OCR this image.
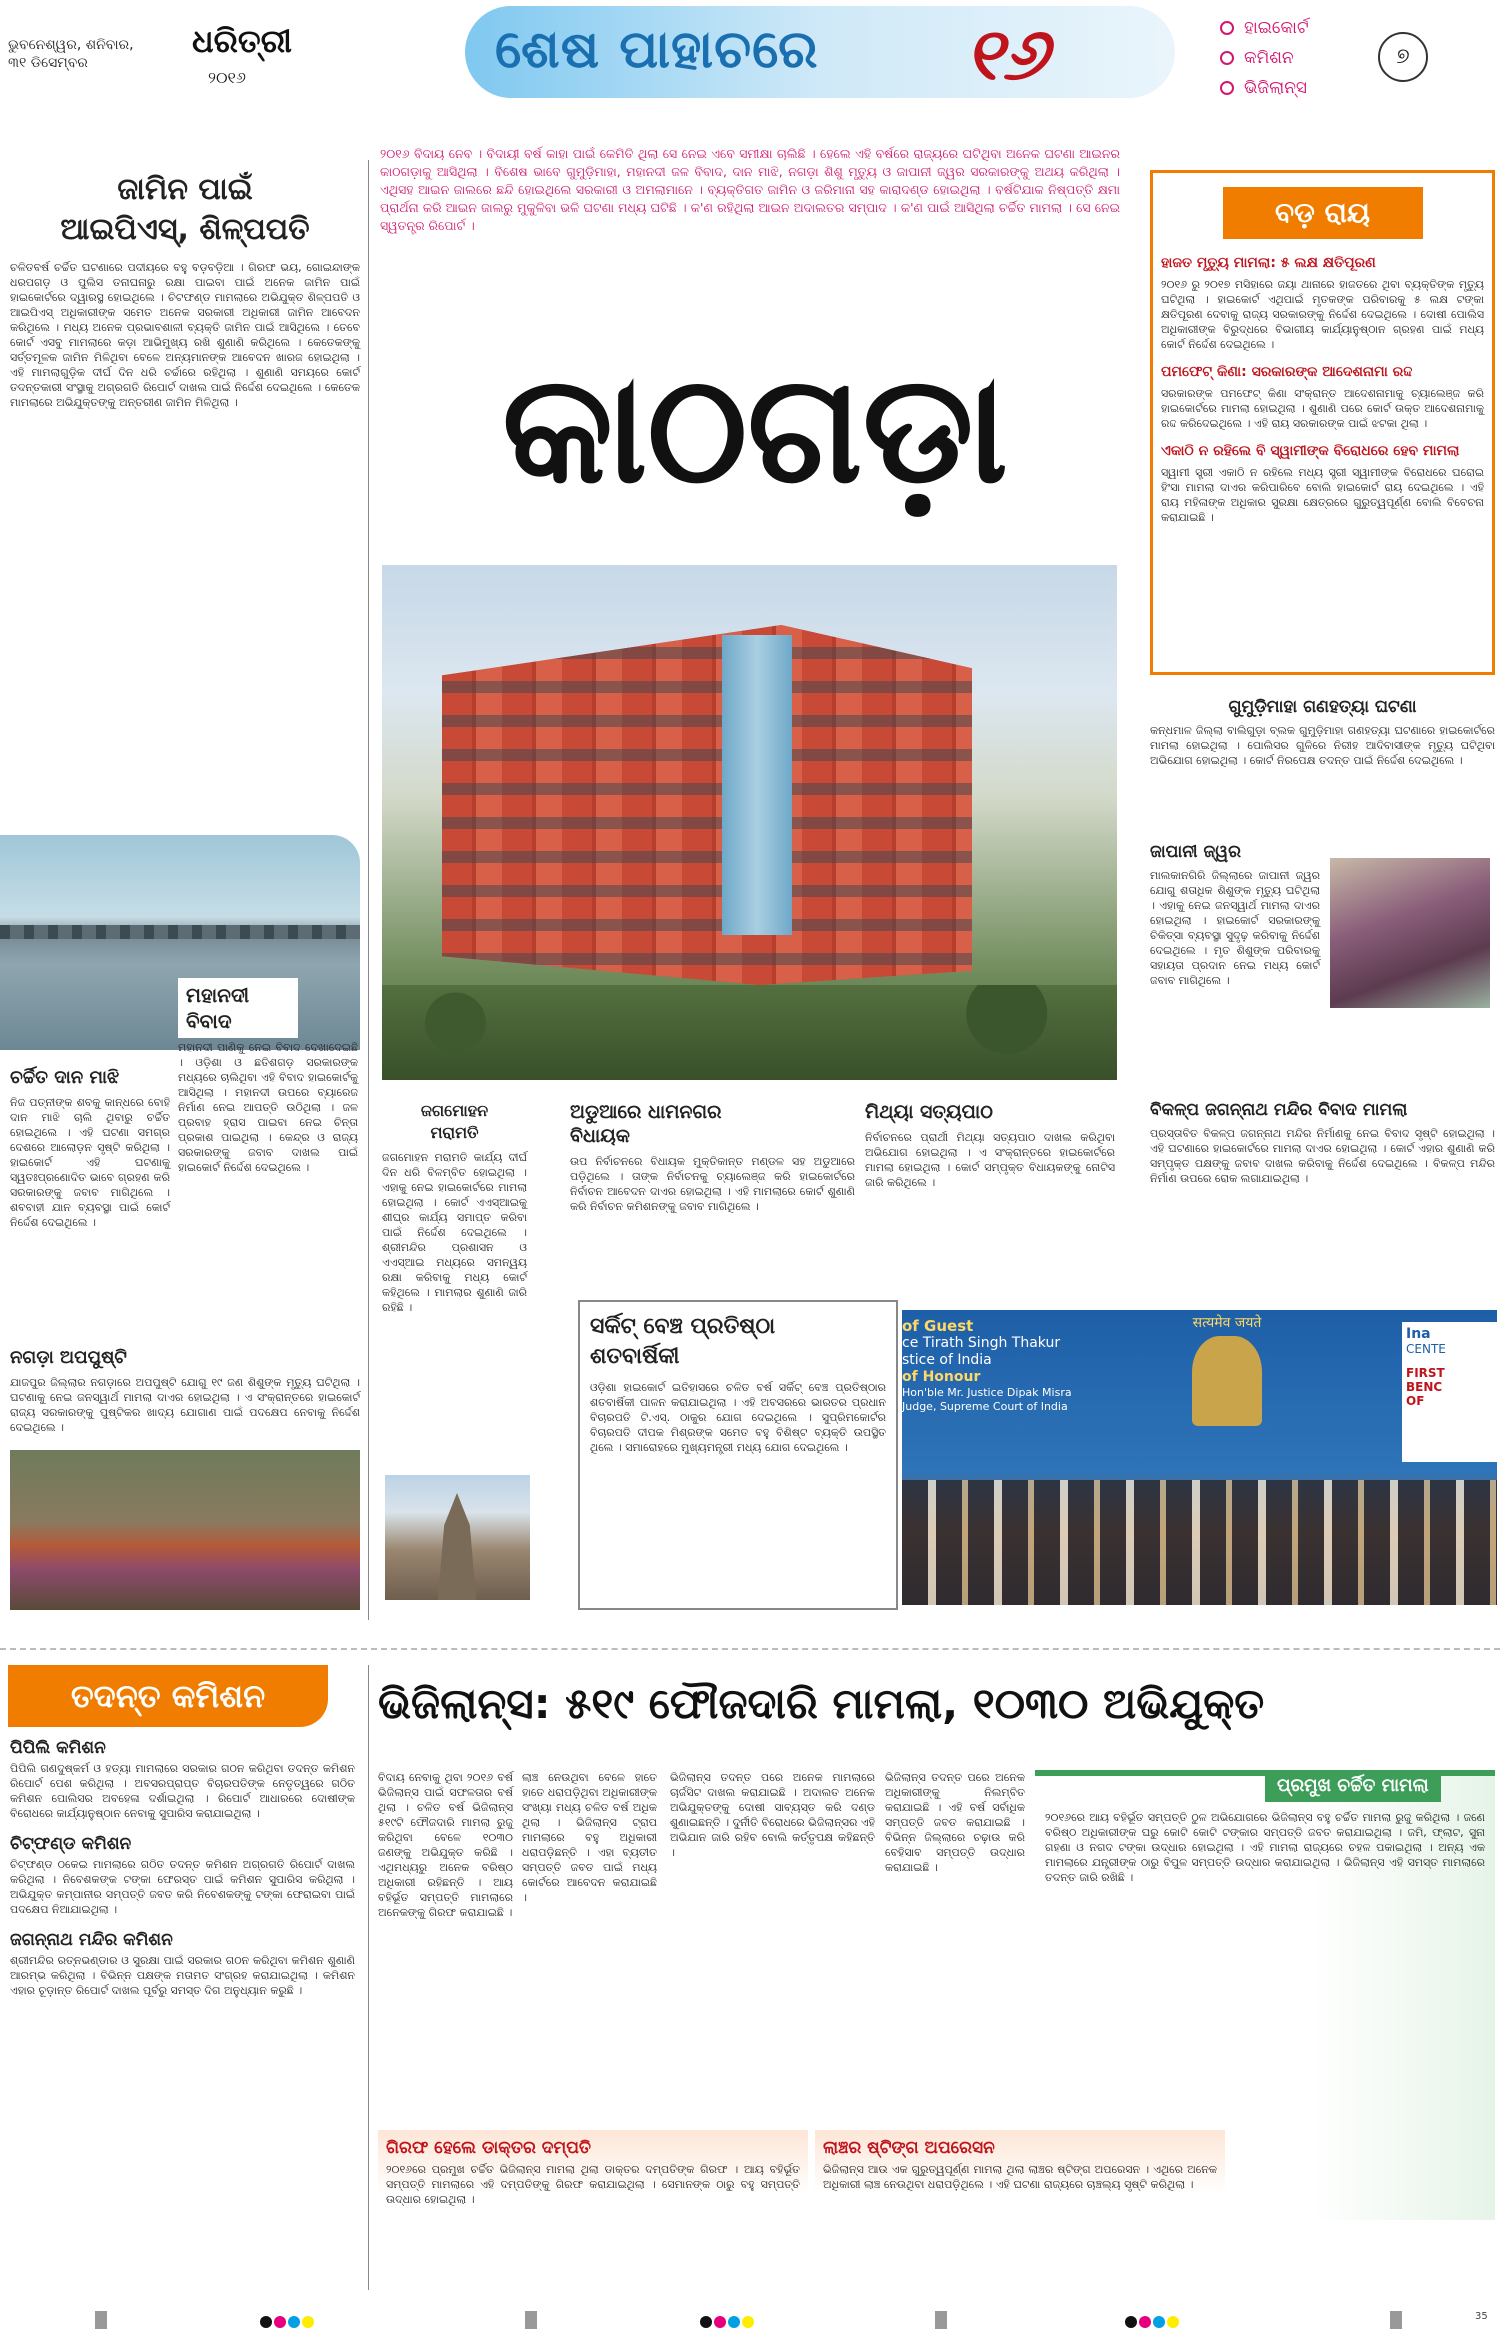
ଭୁବନେଶ୍ୱର, ଶନିବାର,
୩୧ ଡିସେମ୍ବର
ଧରିତ୍ରୀ
୨୦୧୬	ଶେଷ ପାହାଚରେ ୧୬	ହାଇକୋର୍ଟ
କମିଶନ
ଭିଜିଲାନ୍ସ
୭
ଜାମିନ ପାଇଁ
ଆଇପିଏସ୍, ଶିଳ୍ପପତି
ଚଳିତବର୍ଷ ଚର୍ଚ୍ଚିତ ଘଟଣାରେ ପଦୀୟରେ ବହୁ ବଡ଼ବଡ଼ିଆ । ଗିରଫ ଭୟ, ଗୋଇନ୍ଦାଙ୍କ ଧରପଗଡ଼ ଓ ପୁଲିସ ତନାଘନାରୁ ରକ୍ଷା ପାଇବା ପାଇଁ ଅନେକ ଜାମିନ ପାଇଁ ହାଇକୋର୍ଟରେ ଦ୍ୱାରସ୍ଥ ହୋଇଥିଲେ । ଚିଟଫଣ୍ଡ ମାମଲାରେ ଅଭିଯୁକ୍ତ ଶିଳ୍ପପତି ଓ ଆଇପିଏସ୍ ଅଧିକାରୀଙ୍କ ସମେତ ଅନେକ ସରକାରୀ ଅଧିକାରୀ ଜାମିନ ଆବେଦନ କରିଥିଲେ । ମଧ୍ୟ ଅନେକ ପ୍ରଭାବଶାଳୀ ବ୍ୟକ୍ତି ଜାମିନ ପାଇଁ ଆସିଥିଲେ । ତେବେ କୋର୍ଟ ଏସବୁ ମାମଲାରେ କଡ଼ା ଆଭିମୁଖ୍ୟ ରଖି ଶୁଣାଣି କରିଥିଲେ । କେତେକଙ୍କୁ ସର୍ତ୍ତମୂଳକ ଜାମିନ ମିଳିଥିବା ବେଳେ ଅନ୍ୟମାନଙ୍କ ଆବେଦନ ଖାରଜ ହୋଇଥିଲା । ଏହି ମାମଲାଗୁଡ଼ିକ ଦୀର୍ଘ ଦିନ ଧରି ଚର୍ଚ୍ଚାରେ ରହିଥିଲା । ଶୁଣାଣି ସମୟରେ କୋର୍ଟ ତଦନ୍ତକାରୀ ସଂସ୍ଥାକୁ ଅଗ୍ରଗତି ରିପୋର୍ଟ ଦାଖଲ ପାଇଁ ନିର୍ଦ୍ଦେଶ ଦେଇଥିଲେ । କେତେକ ମାମଲାରେ ଅଭିଯୁକ୍ତଙ୍କୁ ଅନ୍ତରୀଣ ଜାମିନ ମିଳିଥିଲା ।
ମହାନଦୀ
ବିବାଦ
ମହାନଦୀ ପାଣିକୁ ନେଇ ବିବାଦ ଦେଖାଦେଇଛି । ଓଡ଼ିଶା ଓ ଛତିଶଗଡ଼ ସରକାରଙ୍କ ମଧ୍ୟରେ ଚାଲିଥିବା ଏହି ବିବାଦ ହାଇକୋର୍ଟକୁ ଆସିଥିଲା । ମହାନଦୀ ଉପରେ ବ୍ୟାରେଜ ନିର୍ମାଣ ନେଇ ଆପତ୍ତି ଉଠିଥିଲା । ଜଳ ପ୍ରବାହ ହ୍ରାସ ପାଇବା ନେଇ ଚିନ୍ତା ପ୍ରକାଶ ପାଇଥିଲା । କେନ୍ଦ୍ର ଓ ରାଜ୍ୟ ସରକାରଙ୍କୁ ଜବାବ ଦାଖଲ ପାଇଁ ହାଇକୋର୍ଟ ନିର୍ଦ୍ଦେଶ ଦେଇଥିଲେ ।
ଚର୍ଚ୍ଚିତ ଦାନ ମାଝି
ନିଜ ପତ୍ନୀଙ୍କ ଶବକୁ କାନ୍ଧରେ ବୋହି ଦାନ ମାଝି ଚାଲି ଥିବାରୁ ଚର୍ଚ୍ଚିତ ହୋଇଥିଲେ । ଏହି ଘଟଣା ସମଗ୍ର ଦେଶରେ ଆଲୋଡ଼ନ ସୃଷ୍ଟି କରିଥିଲା । ହାଇକୋର୍ଟ ଏହି ଘଟଣାକୁ ସ୍ୱତଃପ୍ରଣୋଦିତ ଭାବେ ଗ୍ରହଣ କରି ସରକାରଙ୍କୁ ଜବାବ ମାଗିଥିଲେ । ଶବବାହୀ ଯାନ ବ୍ୟବସ୍ଥା ପାଇଁ କୋର୍ଟ ନିର୍ଦ୍ଦେଶ ଦେଇଥିଲେ ।
ନଗଡ଼ା ଅପପୁଷ୍ଟି
ଯାଜପୁର ଜିଲ୍ଲାର ନଗଡ଼ାରେ ଅପପୁଷ୍ଟି ଯୋଗୁ ୧୯ ଜଣ ଶିଶୁଙ୍କ ମୃତ୍ୟୁ ଘଟିଥିଲା । ଘଟଣାକୁ ନେଇ ଜନସ୍ୱାର୍ଥ ମାମଲା ଦାଏର ହୋଇଥିଲା । ଏ ସଂକ୍ରାନ୍ତରେ ହାଇକୋର୍ଟ ରାଜ୍ୟ ସରକାରଙ୍କୁ ପୁଷ୍ଟିକର ଖାଦ୍ୟ ଯୋଗାଣ ପାଇଁ ପଦକ୍ଷେପ ନେବାକୁ ନିର୍ଦ୍ଦେଶ ଦେଇଥିଲେ ।
୨୦୧୬ ବିଦାୟ ନେବ । ବିଦାୟୀ ବର୍ଷ କାହା ପାଇଁ କେମିତି ଥିଲା ସେ ନେଇ ଏବେ ସମୀକ୍ଷା ଚାଲିଛି । ହେଲେ ଏହି ବର୍ଷରେ ରାଜ୍ୟରେ ଘଟିଥିବା ଅନେକ ଘଟଣା ଆଇନର କାଠଗଡ଼ାକୁ ଆସିଥିଲା । ବିଶେଷ ଭାବେ ଗୁମୁଡ଼ିମାହା, ମହାନଦୀ ଜଳ ବିବାଦ, ଦାନ ମାଝି, ନଗଡ଼ା ଶିଶୁ ମୃତ୍ୟୁ ଓ ଜାପାନୀ ଜ୍ୱର ସରକାରଙ୍କୁ ଅଥୟ କରିଥିଲା । ଏଥିସହ ଆଇନ ଜାଲରେ ଛନ୍ଦି ହୋଇଥିଲେ ସରକାରୀ ଓ ଅମଲାମାନେ । ବ୍ୟକ୍ତିଗତ ଜାମିନ ଓ ଜରିମାନା ସହ କାରାଦଣ୍ଡ ହୋଇଥିଲା । ବର୍ଷଟିଯାକ ନିଷ୍ପତ୍ତି କ୍ଷମା ପ୍ରାର୍ଥନା କରି ଆଇନ ଜାଲରୁ ମୁକୁଳିବା ଭଳି ଘଟଣା ମଧ୍ୟ ଘଟିଛି । କ'ଣ ରହିଥିଲା ଆଇନ ଅଦାଲତର ସମ୍ପାଦ । କ'ଣ ପାଇଁ ଆସିଥିଲା ଚର୍ଚ୍ଚିତ ମାମଲା । ସେ ନେଇ ସ୍ୱତନ୍ତ୍ର ରିପୋର୍ଟ ।
କାଠଗଡ଼ା
ଜଗମୋହନ
ମରାମତି
ଜଗମୋହନ ମରାମତି କାର୍ଯ୍ୟ ଦୀର୍ଘ ଦିନ ଧରି ବିଳମ୍ବିତ ହୋଇଥିଲା । ଏହାକୁ ନେଇ ହାଇକୋର୍ଟରେ ମାମଲା ହୋଇଥିଲା । କୋର୍ଟ ଏଏସ୍‌ଆଇକୁ ଶୀଘ୍ର କାର୍ଯ୍ୟ ସମାପ୍ତ କରିବା ପାଇଁ ନିର୍ଦ୍ଦେଶ ଦେଇଥିଲେ । ଶ୍ରୀମନ୍ଦିର ପ୍ରଶାସନ ଓ ଏଏସ୍‌ଆଇ ମଧ୍ୟରେ ସମନ୍ୱୟ ରକ୍ଷା କରିବାକୁ ମଧ୍ୟ କୋର୍ଟ କହିଥିଲେ । ମାମଲାର ଶୁଣାଣି ଜାରି ରହିଛି ।
ଅଡୁଆରେ ଧାମନଗର
ବିଧାୟକ
ଉପ ନିର୍ବାଚନରେ ବିଧାୟକ ମୁକ୍ତିକାନ୍ତ ମଣ୍ଡଳ ସହ ଅଡୁଆରେ ପଡ଼ିଥିଲେ । ତାଙ୍କ ନିର୍ବାଚନକୁ ଚ୍ୟାଲେଞ୍ଜ କରି ହାଇକୋର୍ଟରେ ନିର୍ବାଚନ ଆବେଦନ ଦାଏର ହୋଇଥିଲା । ଏହି ମାମଲାରେ କୋର୍ଟ ଶୁଣାଣି କରି ନିର୍ବାଚନ କମିଶନଙ୍କୁ ଜବାବ ମାଗିଥିଲେ ।
ମିଥ୍ୟା ସତ୍ୟପାଠ
ନିର୍ବାଚନରେ ପ୍ରାର୍ଥୀ ମିଥ୍ୟା ସତ୍ୟପାଠ ଦାଖଲ କରିଥିବା ଅଭିଯୋଗ ହୋଇଥିଲା । ଏ ସଂକ୍ରାନ୍ତରେ ହାଇକୋର୍ଟରେ ମାମଲା ହୋଇଥିଲା । କୋର୍ଟ ସମ୍ପୃକ୍ତ ବିଧାୟକଙ୍କୁ ନୋଟିସ ଜାରି କରିଥିଲେ ।
ସର୍କିଟ୍ ବେଞ୍ଚ ପ୍ରତିଷ୍ଠା
ଶତବାର୍ଷିକୀ
ଓଡ଼ିଶା ହାଇକୋର୍ଟ ଇତିହାସରେ ଚଳିତ ବର୍ଷ ସର୍କିଟ୍ ବେଞ୍ଚ ପ୍ରତିଷ୍ଠାର ଶତବାର୍ଷିକୀ ପାଳନ କରାଯାଇଥିଲା । ଏହି ଅବସରରେ ଭାରତର ପ୍ରଧାନ ବିଚାରପତି ଟି.ଏସ୍. ଠାକୁର ଯୋଗ ଦେଇଥିଲେ । ସୁପ୍ରିମକୋର୍ଟର ବିଚାରପତି ଦୀପକ ମିଶ୍ରଙ୍କ ସମେତ ବହୁ ବିଶିଷ୍ଟ ବ୍ୟକ୍ତି ଉପସ୍ଥିତ ଥିଲେ । ସମାରୋହରେ ମୁଖ୍ୟମନ୍ତ୍ରୀ ମଧ୍ୟ ଯୋଗ ଦେଇଥିଲେ ।
of Guest
ce Tirath Singh Thakur
stice of India
of Honour
Hon'ble Mr. Justice Dipak Misra
Judge, Supreme Court of India
सत्यमेव जयते
Ina
CENTE
FIRST
BENC
OF
ବଡ଼ ରାୟ
ହାଜତ ମୃତ୍ୟୁ ମାମଲା: ୫ ଲକ୍ଷ କ୍ଷତିପୂରଣ
୨୦୧୬ ରୁ ୨୦୧୭ ମସିହାରେ ଜୟା ଥାନାରେ ହାଜତରେ ଥିବା ବ୍ୟକ୍ତିଙ୍କ ମୃତ୍ୟୁ ଘଟିଥିଲା । ହାଇକୋର୍ଟ ଏଥିପାଇଁ ମୃତକଙ୍କ ପରିବାରକୁ ୫ ଲକ୍ଷ ଟଙ୍କା କ୍ଷତିପୂରଣ ଦେବାକୁ ରାଜ୍ୟ ସରକାରଙ୍କୁ ନିର୍ଦ୍ଦେଶ ଦେଇଥିଲେ । ଦୋଷୀ ପୋଲିସ ଅଧିକାରୀଙ୍କ ବିରୁଦ୍ଧରେ ବିଭାଗୀୟ କାର୍ଯ୍ୟାନୁଷ୍ଠାନ ଗ୍ରହଣ ପାଇଁ ମଧ୍ୟ କୋର୍ଟ ନିର୍ଦ୍ଦେଶ ଦେଇଥିଲେ ।
ପମଫେଟ୍ କିଣା: ସରକାରଙ୍କ ଆଦେଶନାମା ରଦ୍ଦ
ସରକାରଙ୍କ ପମଫେଟ୍ କିଣା ସଂକ୍ରାନ୍ତ ଆଦେଶନାମାକୁ ଚ୍ୟାଲେଞ୍ଜ କରି ହାଇକୋର୍ଟରେ ମାମଲା ହୋଇଥିଲା । ଶୁଣାଣି ପରେ କୋର୍ଟ ଉକ୍ତ ଆଦେଶନାମାକୁ ରଦ୍ଦ କରିଦେଇଥିଲେ । ଏହି ରାୟ ସରକାରଙ୍କ ପାଇଁ ଝଟକା ଥିଲା ।
ଏକାଠି ନ ରହିଲେ ବି ସ୍ୱାମୀଙ୍କ ବିରୋଧରେ ହେବ ମାମଲା
ସ୍ୱାମୀ ସ୍ତ୍ରୀ ଏକାଠି ନ ରହିଲେ ମଧ୍ୟ ସ୍ତ୍ରୀ ସ୍ୱାମୀଙ୍କ ବିରୋଧରେ ଘରୋଇ ହିଂସା ମାମଲା ଦାଏର କରିପାରିବେ ବୋଲି ହାଇକୋର୍ଟ ରାୟ ଦେଇଥିଲେ । ଏହି ରାୟ ମହିଳାଙ୍କ ଅଧିକାର ସୁରକ୍ଷା କ୍ଷେତ୍ରରେ ଗୁରୁତ୍ୱପୂର୍ଣ୍ଣ ବୋଲି ବିବେଚନା କରାଯାଇଛି ।
ଗୁମୁଡ଼ିମାହା ଗଣହତ୍ୟା ଘଟଣା
କନ୍ଧମାଳ ଜିଲ୍ଲା ବାଲିଗୁଡ଼ା ବ୍ଲକ ଗୁମୁଡ଼ିମାହା ଗଣହତ୍ୟା ଘଟଣାରେ ହାଇକୋର୍ଟରେ ମାମଲା ହୋଇଥିଲା । ପୋଲିସର ଗୁଳିରେ ନିରୀହ ଆଦିବାସୀଙ୍କ ମୃତ୍ୟୁ ଘଟିଥିବା ଅଭିଯୋଗ ହୋଇଥିଲା । କୋର୍ଟ ନିରପେକ୍ଷ ତଦନ୍ତ ପାଇଁ ନିର୍ଦ୍ଦେଶ ଦେଇଥିଲେ ।
ଜାପାନୀ ଜ୍ୱର
ମାଲକାନଗିରି ଜିଲ୍ଲାରେ ଜାପାନୀ ଜ୍ୱର ଯୋଗୁ ଶତାଧିକ ଶିଶୁଙ୍କ ମୃତ୍ୟୁ ଘଟିଥିଲା । ଏହାକୁ ନେଇ ଜନସ୍ୱାର୍ଥ ମାମଲା ଦାଏର ହୋଇଥିଲା । ହାଇକୋର୍ଟ ସରକାରଙ୍କୁ ଚିକିତ୍ସା ବ୍ୟବସ୍ଥା ସୁଦୃଢ଼ କରିବାକୁ ନିର୍ଦ୍ଦେଶ ଦେଇଥିଲେ । ମୃତ ଶିଶୁଙ୍କ ପରିବାରକୁ ସହାୟତା ପ୍ରଦାନ ନେଇ ମଧ୍ୟ କୋର୍ଟ ଜବାବ ମାଗିଥିଲେ ।
ବିକଳ୍ପ ଜଗନ୍ନାଥ ମନ୍ଦିର ବିବାଦ ମାମଲା
ପ୍ରସ୍ତାବିତ ବିକଳ୍ପ ଜଗନ୍ନାଥ ମନ୍ଦିର ନିର୍ମାଣକୁ ନେଇ ବିବାଦ ସୃଷ୍ଟି ହୋଇଥିଲା । ଏହି ଘଟଣାରେ ହାଇକୋର୍ଟରେ ମାମଲା ଦାଏର ହୋଇଥିଲା । କୋର୍ଟ ଏହାର ଶୁଣାଣି କରି ସମ୍ପୃକ୍ତ ପକ୍ଷଙ୍କୁ ଜବାବ ଦାଖଲ କରିବାକୁ ନିର୍ଦ୍ଦେଶ ଦେଇଥିଲେ । ବିକଳ୍ପ ମନ୍ଦିର ନିର୍ମାଣ ଉପରେ ରୋକ ଲଗାଯାଇଥିଲା ।
ତଦନ୍ତ କମିଶନ
ପିପିଲି କମିଶନ
ପିପିଲି ଗଣଦୁଷ୍କର୍ମ ଓ ହତ୍ୟା ମାମଲାରେ ସରକାର ଗଠନ କରିଥିବା ତଦନ୍ତ କମିଶନ ରିପୋର୍ଟ ପେଶ କରିଥିଲା । ଅବସରପ୍ରାପ୍ତ ବିଚାରପତିଙ୍କ ନେତୃତ୍ୱରେ ଗଠିତ କମିଶନ ପୋଲିସର ଅବହେଳା ଦର୍ଶାଇଥିଲା । ରିପୋର୍ଟ ଆଧାରରେ ଦୋଷୀଙ୍କ ବିରୋଧରେ କାର୍ଯ୍ୟାନୁଷ୍ଠାନ ନେବାକୁ ସୁପାରିସ କରାଯାଇଥିଲା ।
ଚିଟ୍‌ଫଣ୍ଡ କମିଶନ
ଚିଟ୍‌ଫଣ୍ଡ ଠକେଇ ମାମଲାରେ ଗଠିତ ତଦନ୍ତ କମିଶନ ଅଗ୍ରଗତି ରିପୋର୍ଟ ଦାଖଲ କରିଥିଲା । ନିବେଶକଙ୍କ ଟଙ୍କା ଫେରସ୍ତ ପାଇଁ କମିଶନ ସୁପାରିସ କରିଥିଲା । ଅଭିଯୁକ୍ତ କମ୍ପାନୀର ସମ୍ପତ୍ତି ଜବତ କରି ନିବେଶକଙ୍କୁ ଟଙ୍କା ଫେରାଇବା ପାଇଁ ପଦକ୍ଷେପ ନିଆଯାଇଥିଲା ।
ଜଗନ୍ନାଥ ମନ୍ଦିର କମିଶନ
ଶ୍ରୀମନ୍ଦିର ରତ୍ନଭଣ୍ଡାର ଓ ସୁରକ୍ଷା ପାଇଁ ସରକାର ଗଠନ କରିଥିବା କମିଶନ ଶୁଣାଣି ଆରମ୍ଭ କରିଥିଲା । ବିଭିନ୍ନ ପକ୍ଷଙ୍କ ମତାମତ ସଂଗ୍ରହ କରାଯାଇଥିଲା । କମିଶନ ଏହାର ଚୂଡ଼ାନ୍ତ ରିପୋର୍ଟ ଦାଖଲ ପୂର୍ବରୁ ସମସ୍ତ ଦିଗ ଅନୁଧ୍ୟାନ କରୁଛି ।
ଭିଜିଲାନ୍ସ: ୫୧୯ ଫୌଜଦାରି ମାମଲା, ୧୦୩୦ ଅଭିଯୁକ୍ତ
ବିଦାୟ ନେବାକୁ ଥିବା ୨୦୧୬ ବର୍ଷ ଭିଜିଲାନ୍ସ ପାଇଁ ସଫଳତାର ବର୍ଷ ଥିଲା । ଚଳିତ ବର୍ଷ ଭିଜିଲାନ୍ସ ୫୧୯ଟି ଫୌଜଦାରି ମାମଲା ରୁଜୁ କରିଥିବା ବେଳେ ୧୦୩୦ ଜଣଙ୍କୁ ଅଭିଯୁକ୍ତ କରିଛି । ଏଥିମଧ୍ୟରୁ ଅନେକ ବରିଷ୍ଠ ଅଧିକାରୀ ରହିଛନ୍ତି । ଆୟ ବହିର୍ଭୂତ ସମ୍ପତ୍ତି ମାମଲାରେ ଅନେକଙ୍କୁ ଗିରଫ କରାଯାଇଛି ।
ଲାଞ୍ଚ ନେଉଥିବା ବେଳେ ହାତେ ହାତେ ଧରାପଡ଼ିଥିବା ଅଧିକାରୀଙ୍କ ସଂଖ୍ୟା ମଧ୍ୟ ଚଳିତ ବର୍ଷ ଅଧିକ ଥିଲା । ଭିଜିଲାନ୍ସ ଟ୍ରାପ ମାମଲାରେ ବହୁ ଅଧିକାରୀ ଧରାପଡ଼ିଛନ୍ତି । ଏହା ବ୍ୟତୀତ ସମ୍ପତ୍ତି ଜବତ ପାଇଁ ମଧ୍ୟ କୋର୍ଟରେ ଆବେଦନ କରାଯାଇଛି ।
ଭିଜିଲାନ୍ସ ତଦନ୍ତ ପରେ ଅନେକ ମାମଲାରେ ଚାର୍ଜସିଟ ଦାଖଲ କରାଯାଇଛି । ଅଦାଲତ ଅନେକ ଅଭିଯୁକ୍ତଙ୍କୁ ଦୋଷୀ ସାବ୍ୟସ୍ତ କରି ଦଣ୍ଡ ଶୁଣାଇଛନ୍ତି । ଦୁର୍ନୀତି ବିରୋଧରେ ଭିଜିଲାନ୍ସର ଏହି ଅଭିଯାନ ଜାରି ରହିବ ବୋଲି କର୍ତ୍ତୃପକ୍ଷ କହିଛନ୍ତି ।
ଭିଜିଲାନ୍ସ ତଦନ୍ତ ପରେ ଅନେକ ଅଧିକାରୀଙ୍କୁ ନିଲମ୍ବିତ କରାଯାଇଛି । ଏହି ବର୍ଷ ସର୍ବାଧିକ ସମ୍ପତ୍ତି ଜବତ କରାଯାଇଛି । ବିଭିନ୍ନ ଜିଲ୍ଲାରେ ଚଢ଼ାଉ କରି ବେହିସାବ ସମ୍ପତ୍ତି ଉଦ୍ଧାର କରାଯାଇଛି ।
ପ୍ରମୁଖ ଚର୍ଚ୍ଚିତ ମାମଲା
୨୦୧୬ରେ ଆୟ ବହିର୍ଭୂତ ସମ୍ପତ୍ତି ଠୁଳ ଅଭିଯୋଗରେ ଭିଜିଲାନ୍ସ ବହୁ ଚର୍ଚ୍ଚିତ ମାମଲା ରୁଜୁ କରିଥିଲା । ଜଣେ ବରିଷ୍ଠ ଅଧିକାରୀଙ୍କ ଘରୁ କୋଟି କୋଟି ଟଙ୍କାର ସମ୍ପତ୍ତି ଜବତ କରାଯାଇଥିଲା । ଜମି, ଫ୍ଲାଟ, ସୁନା ଗହଣା ଓ ନଗଦ ଟଙ୍କା ଉଦ୍ଧାର ହୋଇଥିଲା । ଏହି ମାମଲା ରାଜ୍ୟରେ ଚହଳ ପକାଇଥିଲା । ଅନ୍ୟ ଏକ ମାମଲାରେ ଯନ୍ତ୍ରୀଙ୍କ ଠାରୁ ବିପୁଳ ସମ୍ପତ୍ତି ଉଦ୍ଧାର କରାଯାଇଥିଲା । ଭିଜିଲାନ୍ସ ଏହି ସମସ୍ତ ମାମଲାରେ ତଦନ୍ତ ଜାରି ରଖିଛି ।
ଗିରଫ ହେଲେ ଡାକ୍ତର ଦମ୍ପତି
୨୦୧୬ରେ ପ୍ରମୁଖ ଚର୍ଚ୍ଚିତ ଭିଜିଲାନ୍ସ ମାମଲା ଥିଲା ଡାକ୍ତର ଦମ୍ପତିଙ୍କ ଗିରଫ । ଆୟ ବହିର୍ଭୂତ ସମ୍ପତ୍ତି ମାମଲାରେ ଏହି ଦମ୍ପତିଙ୍କୁ ଗିରଫ କରାଯାଇଥିଲା । ସେମାନଙ୍କ ଠାରୁ ବହୁ ସମ୍ପତ୍ତି ଉଦ୍ଧାର ହୋଇଥିଲା ।
ଲାଞ୍ଚର ଷ୍ଟିଙ୍ଗ ଅପରେସନ
ଭିଜିଲାନ୍ସ ଆଉ ଏକ ଗୁରୁତ୍ୱପୂର୍ଣ୍ଣ ମାମଲା ଥିଲା ଲାଞ୍ଚର ଷ୍ଟିଙ୍ଗ ଅପରେସନ । ଏଥିରେ ଅନେକ ଅଧିକାରୀ ଲାଞ୍ଚ ନେଉଥିବା ଧରାପଡ଼ିଥିଲେ । ଏହି ଘଟଣା ରାଜ୍ୟରେ ଚାଞ୍ଚଲ୍ୟ ସୃଷ୍ଟି କରିଥିଲା ।
35
